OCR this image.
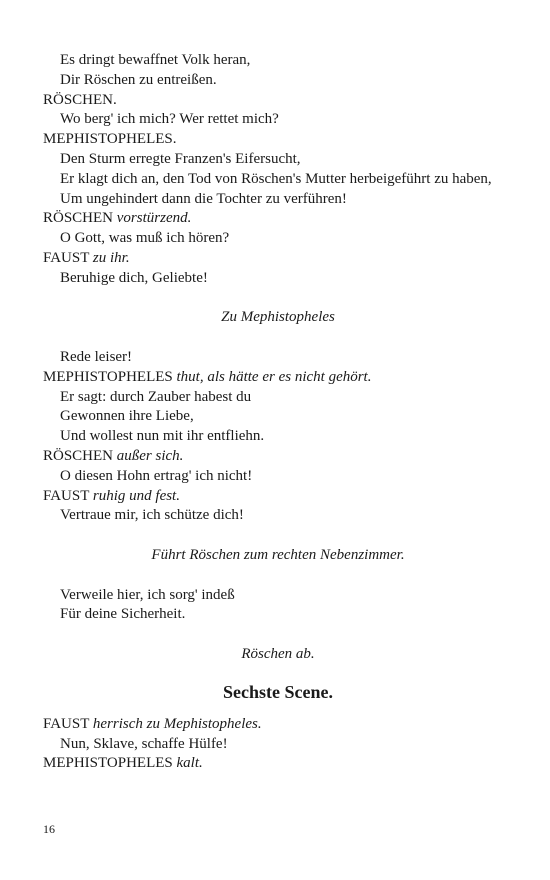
Es dringt bewaffnet Volk heran,
Dir Röschen zu entreißen.
RÖSCHEN.
Wo berg' ich mich? Wer rettet mich?
MEPHISTOPHELES.
Den Sturm erregte Franzen's Eifersucht,
Er klagt dich an, den Tod von Röschen's Mutter herbeigeführt zu haben,
Um ungehindert dann die Tochter zu verführen!
RÖSCHEN vorstürzend.
O Gott, was muß ich hören?
FAUST zu ihr.
Beruhige dich, Geliebte!
Zu Mephistopheles
Rede leiser!
MEPHISTOPHELES thut, als hätte er es nicht gehört.
Er sagt: durch Zauber habest du
Gewonnen ihre Liebe,
Und wollest nun mit ihr entfliehn.
RÖSCHEN außer sich.
O diesen Hohn ertrag' ich nicht!
FAUST ruhig und fest.
Vertraue mir, ich schütze dich!
Führt Röschen zum rechten Nebenzimmer.
Verweile hier, ich sorg' indeß
Für deine Sicherheit.
Röschen ab.
Sechste Scene.
FAUST herrisch zu Mephistopheles.
Nun, Sklave, schaffe Hülfe!
MEPHISTOPHELES kalt.
16
